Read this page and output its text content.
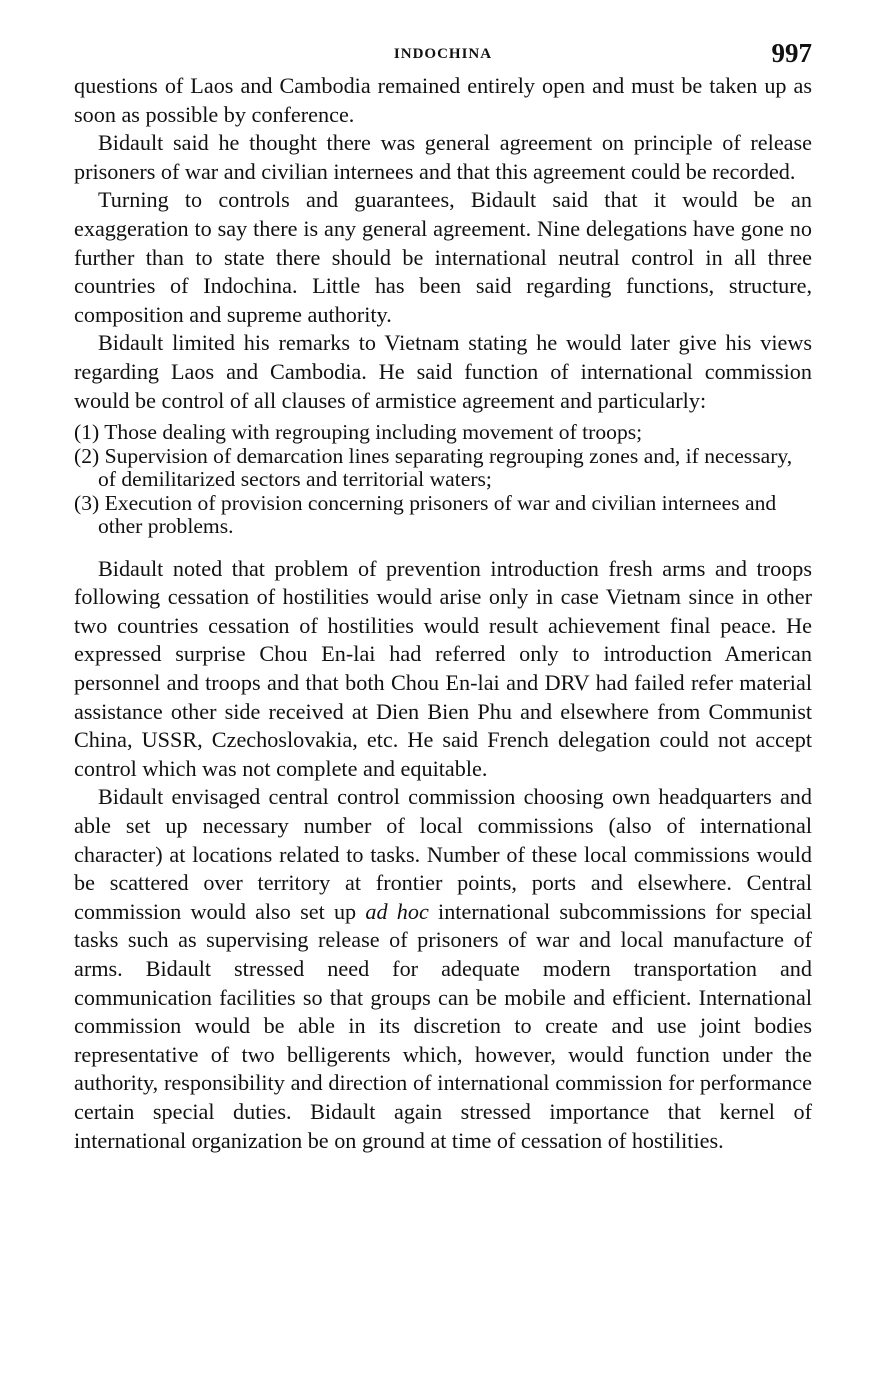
INDOCHINA	997

questions of Laos and Cambodia remained entirely open and must be taken up as soon as possible by conference.

Bidault said he thought there was general agreement on principle of release prisoners of war and civilian internees and that this agreement could be recorded.

Turning to controls and guarantees, Bidault said that it would be an exaggeration to say there is any general agreement. Nine delegations have gone no further than to state there should be international neutral control in all three countries of Indochina. Little has been said regarding functions, structure, composition and supreme authority.

Bidault limited his remarks to Vietnam stating he would later give his views regarding Laos and Cambodia. He said function of international commission would be control of all clauses of armistice agreement and particularly:

(1) Those dealing with regrouping including movement of troops;
(2) Supervision of demarcation lines separating regrouping zones and, if necessary, of demilitarized sectors and territorial waters;
(3) Execution of provision concerning prisoners of war and civilian internees and other problems.

Bidault noted that problem of prevention introduction fresh arms and troops following cessation of hostilities would arise only in case Vietnam since in other two countries cessation of hostilities would result achievement final peace. He expressed surprise Chou En-lai had referred only to introduction American personnel and troops and that both Chou En-lai and DRV had failed refer material assistance other side received at Dien Bien Phu and elsewhere from Communist China, USSR, Czechoslovakia, etc. He said French delegation could not accept control which was not complete and equitable.

Bidault envisaged central control commission choosing own headquarters and able set up necessary number of local commissions (also of international character) at locations related to tasks. Number of these local commissions would be scattered over territory at frontier points, ports and elsewhere. Central commission would also set up ad hoc international subcommissions for special tasks such as supervising release of prisoners of war and local manufacture of arms. Bidault stressed need for adequate modern transportation and communication facilities so that groups can be mobile and efficient. International commission would be able in its discretion to create and use joint bodies representative of two belligerents which, however, would function under the authority, responsibility and direction of international commission for performance certain special duties. Bidault again stressed importance that kernel of international organization be on ground at time of cessation of hostilities.
